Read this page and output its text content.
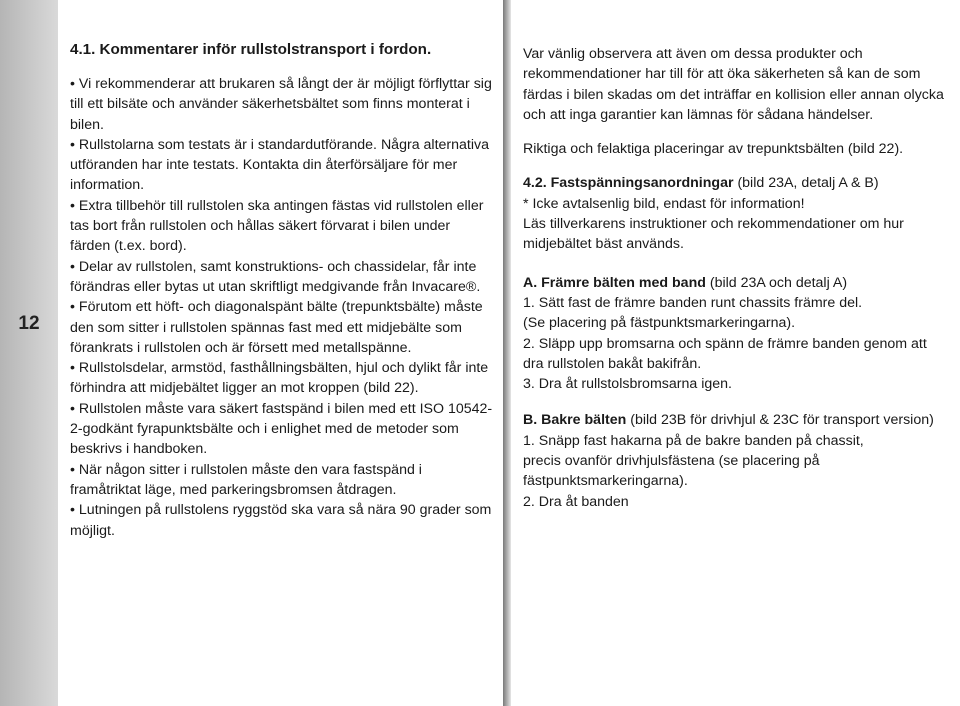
12

4.1. Kommentarer inför rullstolstransport i fordon.

• Vi rekommenderar att brukaren så långt der är möjligt förflyttar sig till ett bilsäte och använder säkerhetsbältet som finns monterat i bilen.

• Rullstolarna som testats är i standardutförande. Några alternativa utföranden har inte testats. Kontakta din återförsäljare för mer information.

• Extra tillbehör till rullstolen ska antingen fästas vid rullstolen eller tas bort från rullstolen och hållas säkert förvarat i bilen under färden (t.ex. bord).

• Delar av rullstolen, samt konstruktions- och chassidelar, får inte förändras eller bytas ut utan skriftligt medgivande från Invacare®.

• Förutom ett höft- och diagonalspänt bälte (trepunktsbälte) måste den som sitter i rullstolen spännas fast med ett midjebälte som förankrats i rullstolen och är försett med metallspänne.

• Rullstolsdelar, armstöd, fasthållningsbälten, hjul och dylikt får inte förhindra att midjebältet ligger an mot kroppen (bild 22).

• Rullstolen måste vara säkert fastspänd i bilen med ett ISO 10542-2-godkänt fyrapunktsbälte och i enlighet med de metoder som beskrivs i handboken.

• När någon sitter i rullstolen måste den vara fastspänd i framåtriktat läge, med parkeringsbromsen åtdragen.

• Lutningen på rullstolens ryggstöd ska vara så nära 90 grader som möjligt.

Var vänlig observera att även om dessa produkter och rekommendationer har till för att öka säkerheten så kan de som färdas i bilen skadas om det inträffar en kollision eller annan olycka och att inga garantier kan lämnas för sådana händelser.

Riktiga och felaktiga placeringar av trepunktsbälten (bild 22).

4.2. Fastspänningsanordningar (bild 23A, detalj A & B)

* Icke avtalsenlig bild, endast för information!

Läs tillverkarens instruktioner och rekommendationer om hur midjebältet bäst används.

A. Främre bälten med band (bild 23A och detalj A)

1. Sätt fast de främre banden runt chassits främre del.

(Se placering på fästpunktsmarkeringarna).

2. Släpp upp bromsarna och spänn de främre banden genom att dra rullstolen bakåt bakifrån.

3. Dra åt rullstolsbromsarna igen.

B. Bakre bälten (bild 23B för drivhjul & 23C för transport version)

1. Snäpp fast hakarna på de bakre banden på chassit,

precis ovanför drivhjulsfästena (se placering på fästpunktsmarkeringarna).

2. Dra åt banden
